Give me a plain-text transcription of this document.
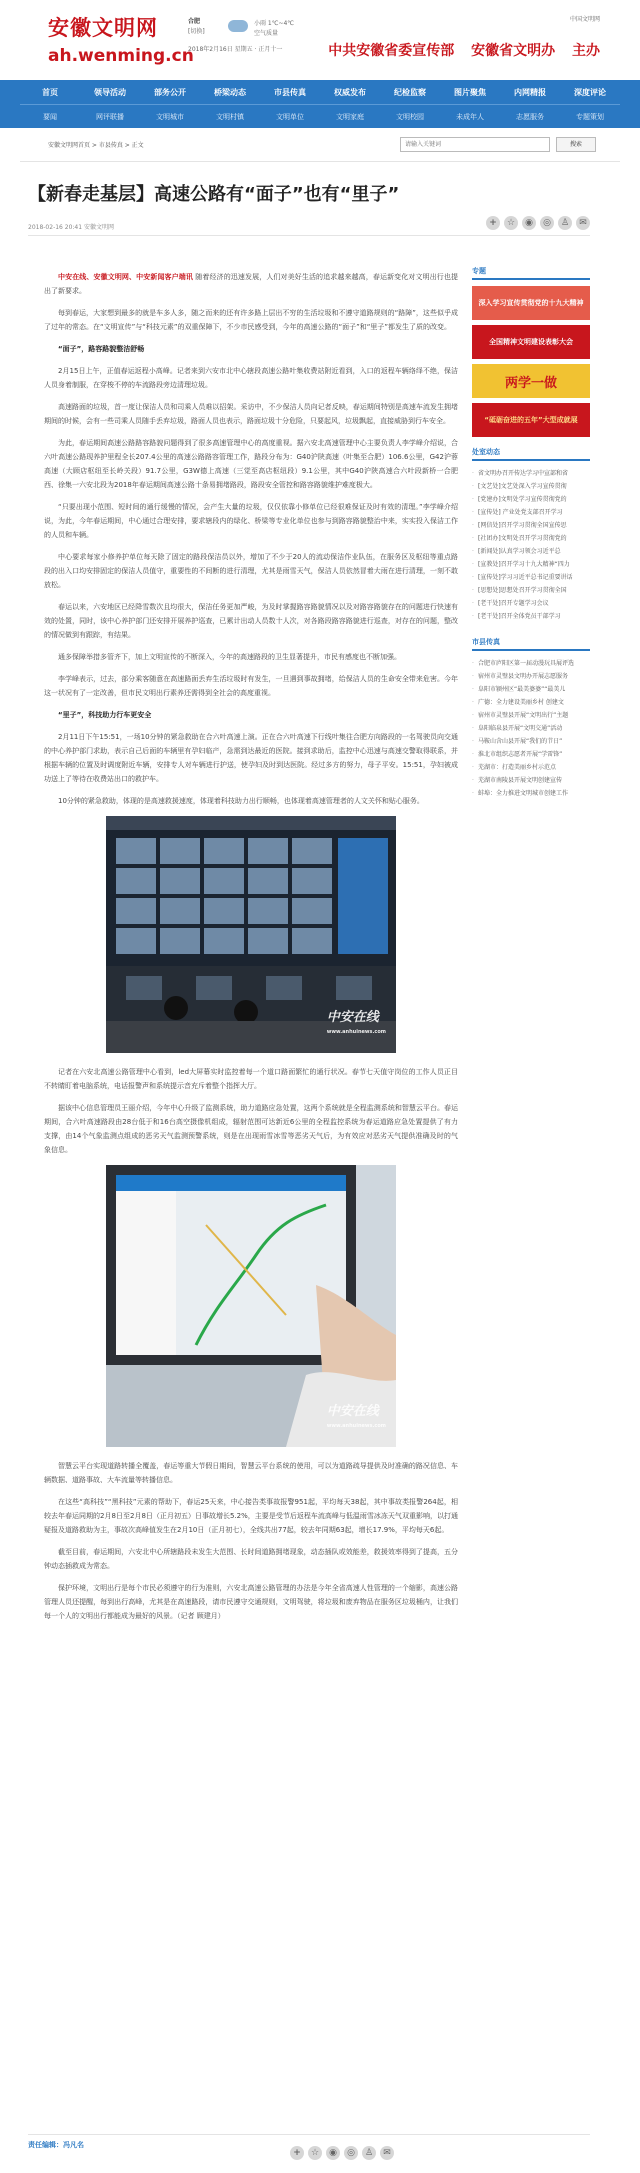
安徽文明网
ah.wenming.cn
合肥
[切换]
小雨 1℃~4℃
空气质量
2018年2月16日 星期五 · 正月十一
中国文明网
中共安徽省委宣传部 安徽省文明办 主办
首页	领导活动	部务公开	桥梁动态	市县传真	权威发布	纪检监察	图片聚焦	内网精报	深度评论
要闻	网评联播	文明城市	文明村镇	文明单位	文明家庭	文明校园	未成年人	志愿服务	专题策划
安徽文明网首页 > 市县传真 > 正文
请输入关键词	搜索
【新春走基层】高速公路有“面子”也有“里子”
2018-02-16 20:41 安徽文明网	+	☆	◉	◎	♙	✉

中安在线、安徽文明网、中安新闻客户端讯 随着经济的迅速发展，人们对美好生活的追求越来越高，春运新变化对文明出行也提出了新要求。

每到春运，大家想到最多的就是车多人多，随之而来的还有许多路上层出不穷的生活垃圾和不遵守道路规则的“路障”，这些似乎成了过年的常态。在“文明宣传”与“科技元素”的双重保障下，不少市民感受到，今年的高速公路的“面子”和“里子”都发生了质的改变。

“面子”，路容路貌整洁舒畅

2月15日上午，正值春运返程小高峰。记者来到六安市北中心辖段高速公路叶集收费站附近看到，入口的返程车辆络绎不绝，保洁人员身着制服，在穿梭不停的车流路段旁边清理垃圾。

高速路面的垃圾，首一度让保洁人员和司乘人员难以招架。采访中，不少保洁人员向记者反映，春运期间特别是高速车流发生拥堵期间的时候，会有一些司乘人员随手丢弃垃圾，路面人员也表示，路面垃圾十分危险，只要起风，垃圾飘起，直接威胁到行车安全。

为此，春运期间高速公路路容路貌问题得到了很多高速管理中心的高度重视。据六安北高速管理中心主要负责人李学峰介绍说，合六叶高速公路现养护里程全长207.4公里的高速公路路容管理工作，路段分布为：G40沪陕高速（叶集至合肥）106.6公里，G42沪蓉高速（大顾店枢纽至长岭关段）91.7公里，G3W德上高速（三觉至高店枢纽段）9.1公里，其中G40沪陕高速合六叶段新桥一合肥西、徐集一六安北段为2018年春运期间高速公路十条易拥堵路段，路段安全管控和路容路貌维护难度极大。

“只要出现小范围、短时间的通行缓慢的情况，会产生大量的垃圾，仅仅依靠小修单位已经很难保证及时有效的清理。”李学峰介绍说，为此，今年春运期间，中心通过合理安排，要求辖段内的绿化、桥梁等专业化单位也参与到路容路貌整治中来，实实投入保洁工作的人员和车辆。

中心要求每家小修养护单位每天除了固定的路段保洁员以外，增加了不少于20人的流动保洁作业队伍，在服务区及枢纽等重点路段的出入口均安排固定的保洁人员值守，重要性的不间断的进行清理，尤其是雨雪天气，保洁人员依然冒着大雨在进行清理，一刻不敢放松。

春运以来，六安地区已经降雪数次且均很大，保洁任务更加严峻，为及时掌握路容路貌情况以及对路容路貌存在的问题进行快速有效的处置，同时，该中心养护部门还安排开展养护巡查，已累计出动人员数十人次，对各路段路容路貌进行巡查，对存在的问题，整改的情况做到有跟踪，有结果。

通多保障举措多管齐下，加上文明宣传的不断深入，今年的高速路段的卫生显著提升，市民有感度也不断加强。

李学峰表示，过去，部分乘客随意在高速路面丢弃生活垃圾时有发生，一旦遇到事故拥堵，给保洁人员的生命安全带来危害。今年这一状况有了一定改善，但市民文明出行素养还需得到全社会的高度重视。

“里子”，科技助力行车更安全

2月11日下午15:51，一场10分钟的紧急救助在合六叶高速上演。正在合六叶高速下行线叶集往合肥方向路段的一名驾驶员向交通的中心养护部门求助，表示自己后面的车辆里有孕妇临产，急需到达最近的医院。接到求助后，监控中心迅速与高速交警取得联系，并根据车辆的位置及时调度附近车辆，安排专人对车辆进行护送，使孕妇及时到达医院。经过多方的努力，母子平安。15:51，孕妇被成功送上了等待在收费站出口的救护车。

10分钟的紧急救助，体现的是高速救援速度，体现着科技助力出行顺畅，也体现着高速管理者的人文关怀和贴心服务。

中安在线
www.anhuinews.com

记者在六安北高速公路管理中心看到，led大屏幕实时监控着每一个道口路面繁忙的通行状况。春节七天值守岗位的工作人员正目不转睛盯着电脑系统，电话报警声和系统提示音充斥着整个指挥大厅。

据该中心信息管理员王丽介绍，今年中心升级了监测系统，助力道路应急处置，这两个系统就是全程监测系统和智慧云平台。春运期间，合六叶高速路段由28台低于和16台高空摄像机组成，辐射范围可达新近6公里的全程监控系统为春运道路应急处置提供了有力支撑，由14个气象监测点组成的恶劣天气监测预警系统，则是在出现雨雪冰雪等恶劣天气后，为有效应对恶劣天气提供准确及时的气象信息。

中安在线
www.anhuinews.com

智慧云平台实现道路转播全覆盖，春运等重大节假日期间，智慧云平台系统的使用，可以为道路疏导提供及时准确的路况信息、车辆数据、道路事故、大车流量等转播信息。

在这些“高科技”“黑科技”元素的帮助下，春运25天来，中心接告类事故报警951起，平均每天38起，其中事故类报警264起，相较去年春运同期的2月8日至2月8日（正月初五）日事故增长5.2%，主要是受节后返程车流高峰与低温雨雪冰冻天气双重影响，以打通疑报及道路救助为主，事故次高峰值发生在2月10日（正月初七），全线共出77起，较去年同期63起，增长17.9%，平均每天6起。

截至目前，春运期间，六安北中心所辖路段未发生大范围、长时间道路拥堵现象，动态插队或效能差，救援效率得到了提高，五分钟动态插救成为常态。

保护环境，文明出行是每个市民必须遵守的行为准则，六安北高速公路管理的办法是今年全省高速人性管理的一个缩影，高速公路管理人员还提醒，每到出行高峰，尤其是在高速路段，请市民遵守交通规则，文明驾驶，将垃圾和废弃物品在服务区垃圾桶内，让我们每一个人的文明出行都能成为最好的风景。（记者 顾建月）

专题
深入学习宣传贯彻党的十九大精神
全国精神文明建设表彰大会
两学一做
“砥砺奋进的五年”大型成就展
处室动态
· 省文明办召开传达学习中宣部和省
· [文艺处]文艺处深入学习宣传贯彻
· [党建办]文明处学习宣传贯彻党的
· [宣传处] 产业处党支部召开学习
· [网信处]召开学习贯彻全国宣传思
· [社团办]文明处召开学习贯彻党的
· [新闻处]认真学习领会习近平总
· [宣教处]召开学习十九大精神“四力
· [宣传处]学习习近平总书记重要讲话
· [思想处]思想处召开学习贯彻全国
· [老干处]召开专题学习会议
· [老干处]召开全体党员干部学习
市县传真
· 合肥市庐阳区第一届动漫玩具展评选
· 宿州市灵璧县文明办开展志愿服务
· 阜阳市颍州区“最美婆婆”“最美儿
· 广德：全力建设美丽乡村 创建文
· 宿州市灵璧县开展“文明出行”主题
· 阜阳临泉县开展“文明交通”活动
· 马鞍山含山县开展“我们的节日”
· 淮北市组织志愿者开展“学雷锋”
· 芜湖市：打造美丽乡村示范点
· 芜湖市南陵县开展文明创建宣传
· 蚌埠：全力推进文明城市创建工作
责任编辑：冯凡名
+	☆	◉	◎	♙	✉
